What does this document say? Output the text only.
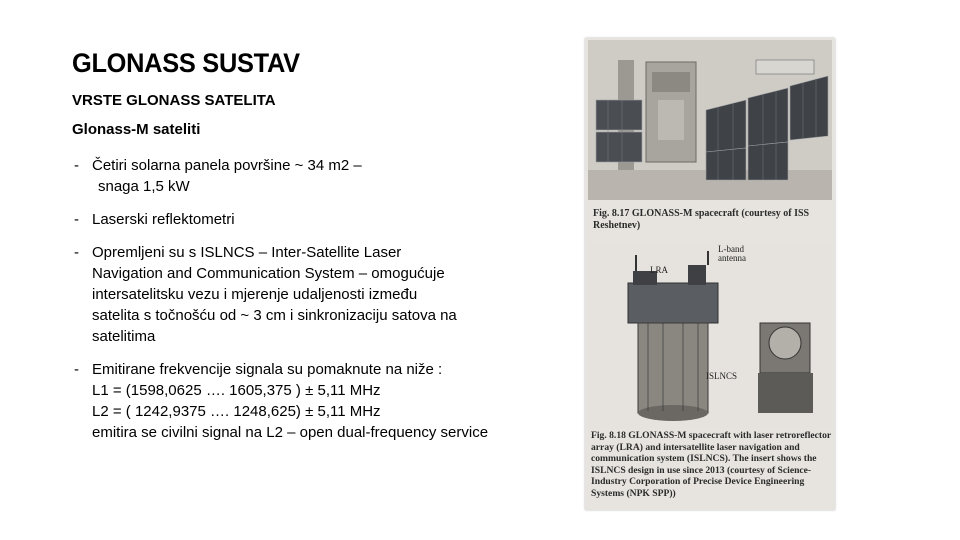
GLONASS SUSTAV
VRSTE GLONASS SATELITA
Glonass-M sateliti
- Četiri solarna panela površine ~ 34 m2 –
snaga 1,5 kW
- Laserski reflektometri
- Opremljeni su s ISLNCS – Inter-Satellite Laser
Navigation and Communication System – omogućuje
intersatelitsku vezu i mjerenje udaljenosti između
satelita s točnošću od ~ 3 cm i sinkronizaciju satova na
satelitima
- Emitirane frekvencije signala su pomaknute na niže :
L1 = (1598,0625 …. 1605,375 ) ± 5,11 MHz
L2 = ( 1242,9375 …. 1248,625) ± 5,11 MHz
emitira se civilni signal na L2 – open dual-frequency service
Fig. 8.17 GLONASS-M spacecraft (courtesy of ISS Reshetnev)
LRA
L-band antenna
ISLNCS
Fig. 8.18 GLONASS-M spacecraft with laser retroreflector array (LRA) and intersatellite laser navigation and communication system (ISLNCS). The insert shows the ISLNCS design in use since 2013 (courtesy of Science-Industry Corporation of Precise Device Engineering Systems (NPK SPP))
